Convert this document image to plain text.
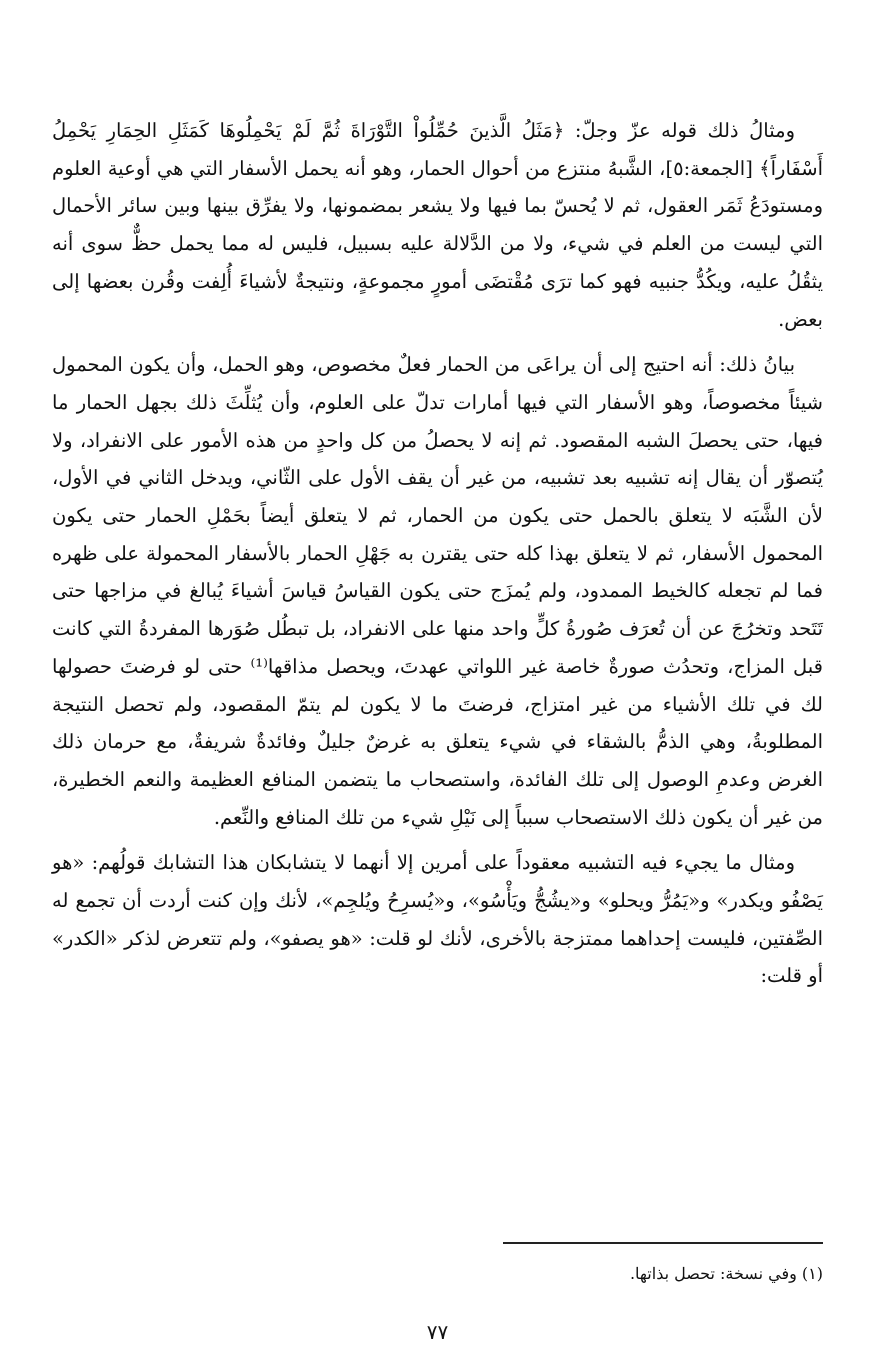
ومثالُ ذلك قوله عزّ وجلّ: ﴿مَثَلُ الَّذينَ حُمِّلُواْ التَّوْرَاةَ ثُمَّ لَمْ يَحْمِلُوهَا كَمَثَلِ الحِمَارِ يَحْمِلُ أَسْفَاراً﴾ [الجمعة:٥]، الشَّبهُ منتزع من أحوال الحمار، وهو أنه يحمل الأسفار التي هي أوعية العلوم ومستودَعُ ثَمَر العقول، ثم لا يُحسّ بما فيها ولا يشعر بمضمونها، ولا يفرِّق بينها وبين سائر الأحمال التي ليست من العلم في شيء، ولا من الدَّلالة عليه بسبيل، فليس له مما يحمل حظٌّ سوى أنه يثقُلُ عليه، ويكُدُّ جنبيه فهو كما ترَى مُقْتضَى أمورٍ مجموعةٍ، ونتيجةٌ لأشياءَ أُلِفت وقُرن بعضها إلى بعض.

بيانُ ذلك: أنه احتيج إلى أن يراعَى من الحمار فعلٌ مخصوص، وهو الحمل، وأن يكون المحمول شيئاً مخصوصاً، وهو الأسفار التي فيها أمارات تدلّ على العلوم، وأن يُثلِّثَ ذلك بجهل الحمار ما فيها، حتى يحصلَ الشبه المقصود. ثم إنه لا يحصلُ من كل واحدٍ من هذه الأمور على الانفراد، ولا يُتصوّر أن يقال إنه تشبيه بعد تشبيه، من غير أن يقف الأول على الثّاني، ويدخل الثاني في الأول، لأن الشَّبَه لا يتعلق بالحمل حتى يكون من الحمار، ثم لا يتعلق أيضاً بحَمْلِ الحمار حتى يكون المحمول الأسفار، ثم لا يتعلق بهذا كله حتى يقترن به جَهْلِ الحمار بالأسفار المحمولة على ظهره فما لم تجعله كالخيط الممدود، ولم يُمزَج حتى يكون القياسُ قياسَ أشياءَ يُبالغ في مزاجها حتى تَتَحد وتخرُجَ عن أن تُعرَف صُورةُ كلٍّ واحد منها على الانفراد، بل تبطُل صُوَرها المفردةُ التي كانت قبل المزاج، وتحدُث صورةٌ خاصة غير اللواتي عهدتَ، ويحصل مذاقها⁽¹⁾ حتى لو فرضتَ حصولها لك في تلك الأشياء من غير امتزاج، فرضتَ ما لا يكون لم يتمّ المقصود، ولم تحصل النتيجة المطلوبةُ، وهي الذمُّ بالشقاء في شيء يتعلق به غرضٌ جليلٌ وفائدةٌ شريفةٌ، مع حرمان ذلك الغرض وعدمِ الوصول إلى تلك الفائدة، واستصحاب ما يتضمن المنافع العظيمة والنعم الخطيرة، من غير أن يكون ذلك الاستصحاب سبباً إلى نَيْلِ شيء من تلك المنافع والنِّعم.

ومثال ما يجيء فيه التشبيه معقوداً على أمرين إلا أنهما لا يتشابكان هذا التشابك قولُهم: «هو يَصْفُو ويكدر» و«يَمُرُّ ويحلو» و«يشُجُّ ويَأْسُو»، و«يُسرِحُ ويُلجِم»، لأنك وإن كنت أردت أن تجمع له الصِّفتين، فليست إحداهما ممتزجة بالأخرى، لأنك لو قلت: «هو يصفو»، ولم تتعرض لذكر «الكدر» أو قلت:

(١) وفي نسخة: تحصل بذاتها.

٧٧
